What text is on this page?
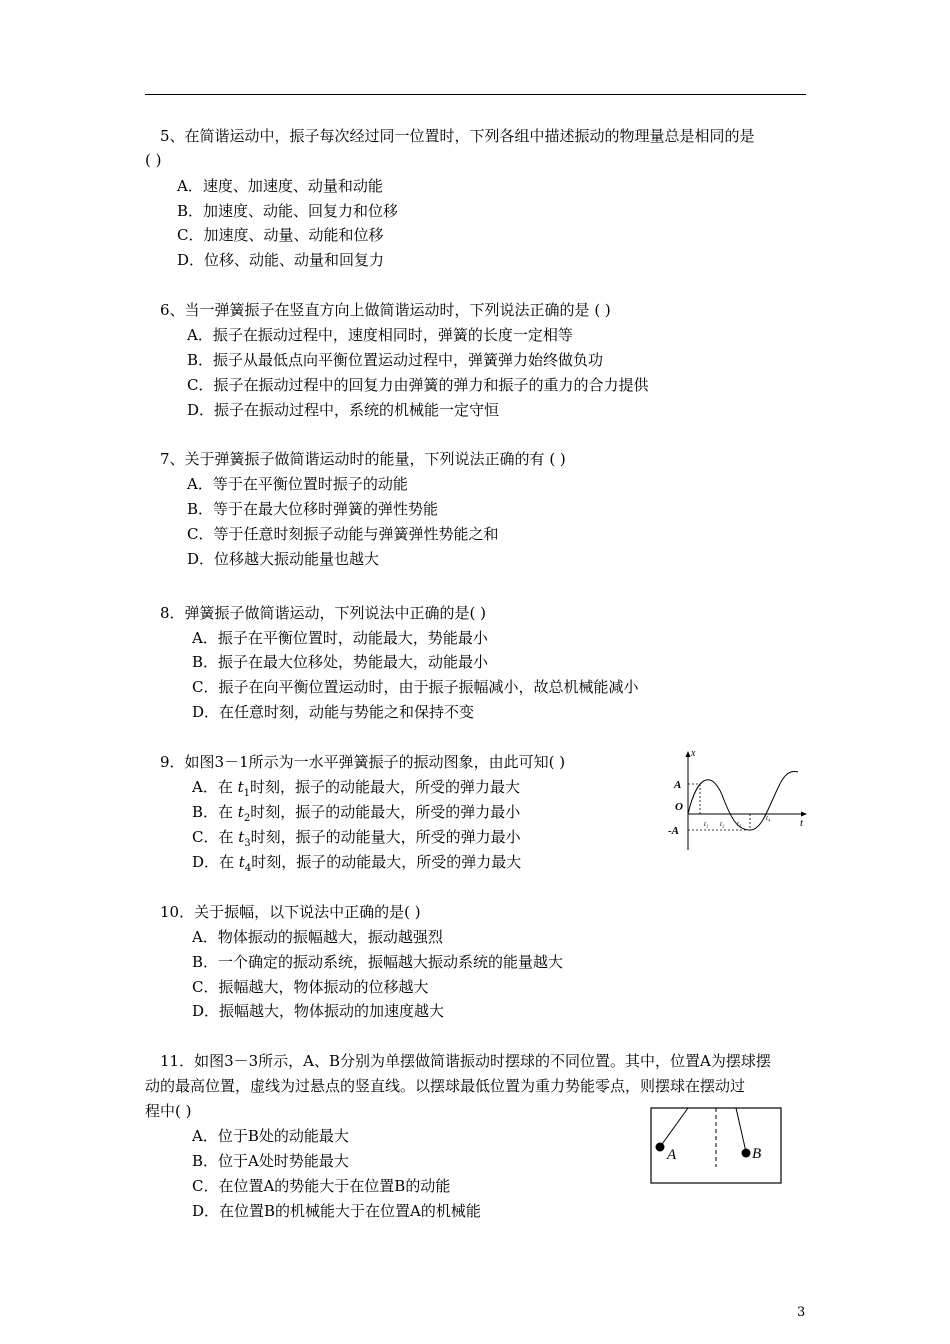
5、在简谐运动中，振子每次经过同一位置时，下列各组中描述振动的物理量总是相同的是
( )
A．速度、加速度、动量和动能
B．加速度、动能、回复力和位移
C．加速度、动量、动能和位移
D．位移、动能、动量和回复力
6、当一弹簧振子在竖直方向上做简谐运动时，下列说法正确的是 ( )
A．振子在振动过程中，速度相同时，弹簧的长度一定相等
B．振子从最低点向平衡位置运动过程中，弹簧弹力始终做负功
C．振子在振动过程中的回复力由弹簧的弹力和振子的重力的合力提供
D．振子在振动过程中，系统的机械能一定守恒
7、关于弹簧振子做简谐运动时的能量，下列说法正确的有 ( )
A．等于在平衡位置时振子的动能
B．等于在最大位移时弹簧的弹性势能
C．等于任意时刻振子动能与弹簧弹性势能之和
D．位移越大振动能量也越大
8．弹簧振子做简谐运动，下列说法中正确的是( )
A．振子在平衡位置时，动能最大，势能最小
B．振子在最大位移处，势能最大，动能最小
C．振子在向平衡位置运动时，由于振子振幅减小，故总机械能减小
D．在任意时刻，动能与势能之和保持不变
9．如图3－1所示为一水平弹簧振子的振动图象，由此可知( )
A．在 $t_1$时刻，振子的动能最大，所受的弹力最大
B．在 $t_2$时刻，振子的动能最大，所受的弹力最小
C．在 $t_3$时刻，振子的动能量大，所受的弹力最小
D．在 $t_4$时刻，振子的动能最大，所受的弹力最大
x
t
A
O
-A
t₁ t₂ t₃
t₄
10．关于振幅，以下说法中正确的是( )
A．物体振动的振幅越大，振动越强烈
B．一个确定的振动系统，振幅越大振动系统的能量越大
C．振幅越大，物体振动的位移越大
D．振幅越大，物体振动的加速度越大
11．如图3－3所示，A、B分别为单摆做简谐振动时摆球的不同位置。其中，位置A为摆球摆
动的最高位置，虚线为过悬点的竖直线。以摆球最低位置为重力势能零点，则摆球在摆动过
程中( )
A．位于B处的动能最大
B．位于A处时势能最大
C．在位置A的势能大于在位置B的动能
D．在位置B的机械能大于在位置A的机械能
A	B
3
